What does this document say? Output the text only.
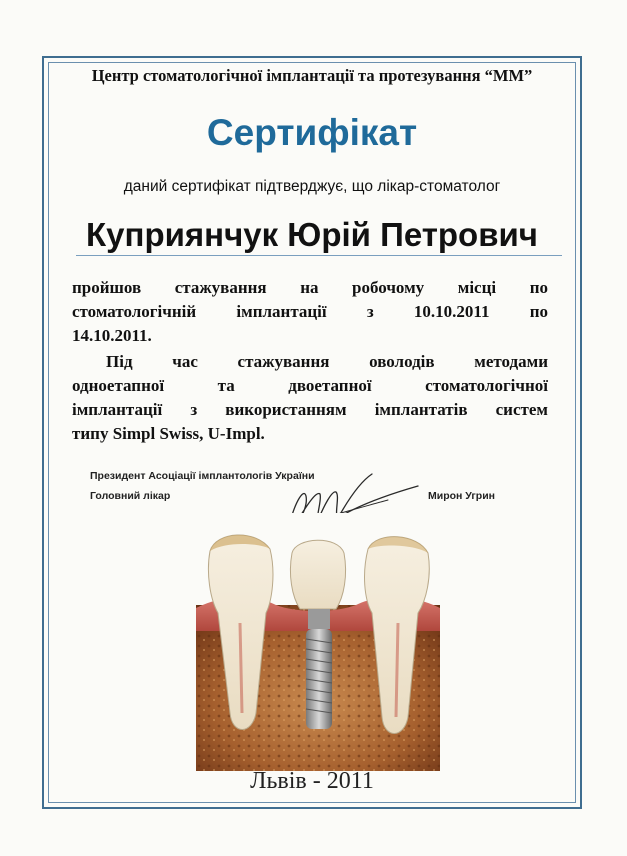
Центр стоматологічної імплантації та протезування “ММ”
Сертифікат
даний сертифікат підтверджує, що лікар-стоматолог
Куприянчук Юрій Петрович
пройшов стажування на робочому місці по
стоматологічній імплантації з 10.10.2011 по
14.10.2011.
Під час стажування оволодів методами
одноетапної та двоетапної стоматологічної
імплантації з використанням імплантатів систем
типу Simpl Swiss, U-Impl.
Президент Асоціації імплантологів України
Головний лікар	Мирон Угрин
Львів - 2011
